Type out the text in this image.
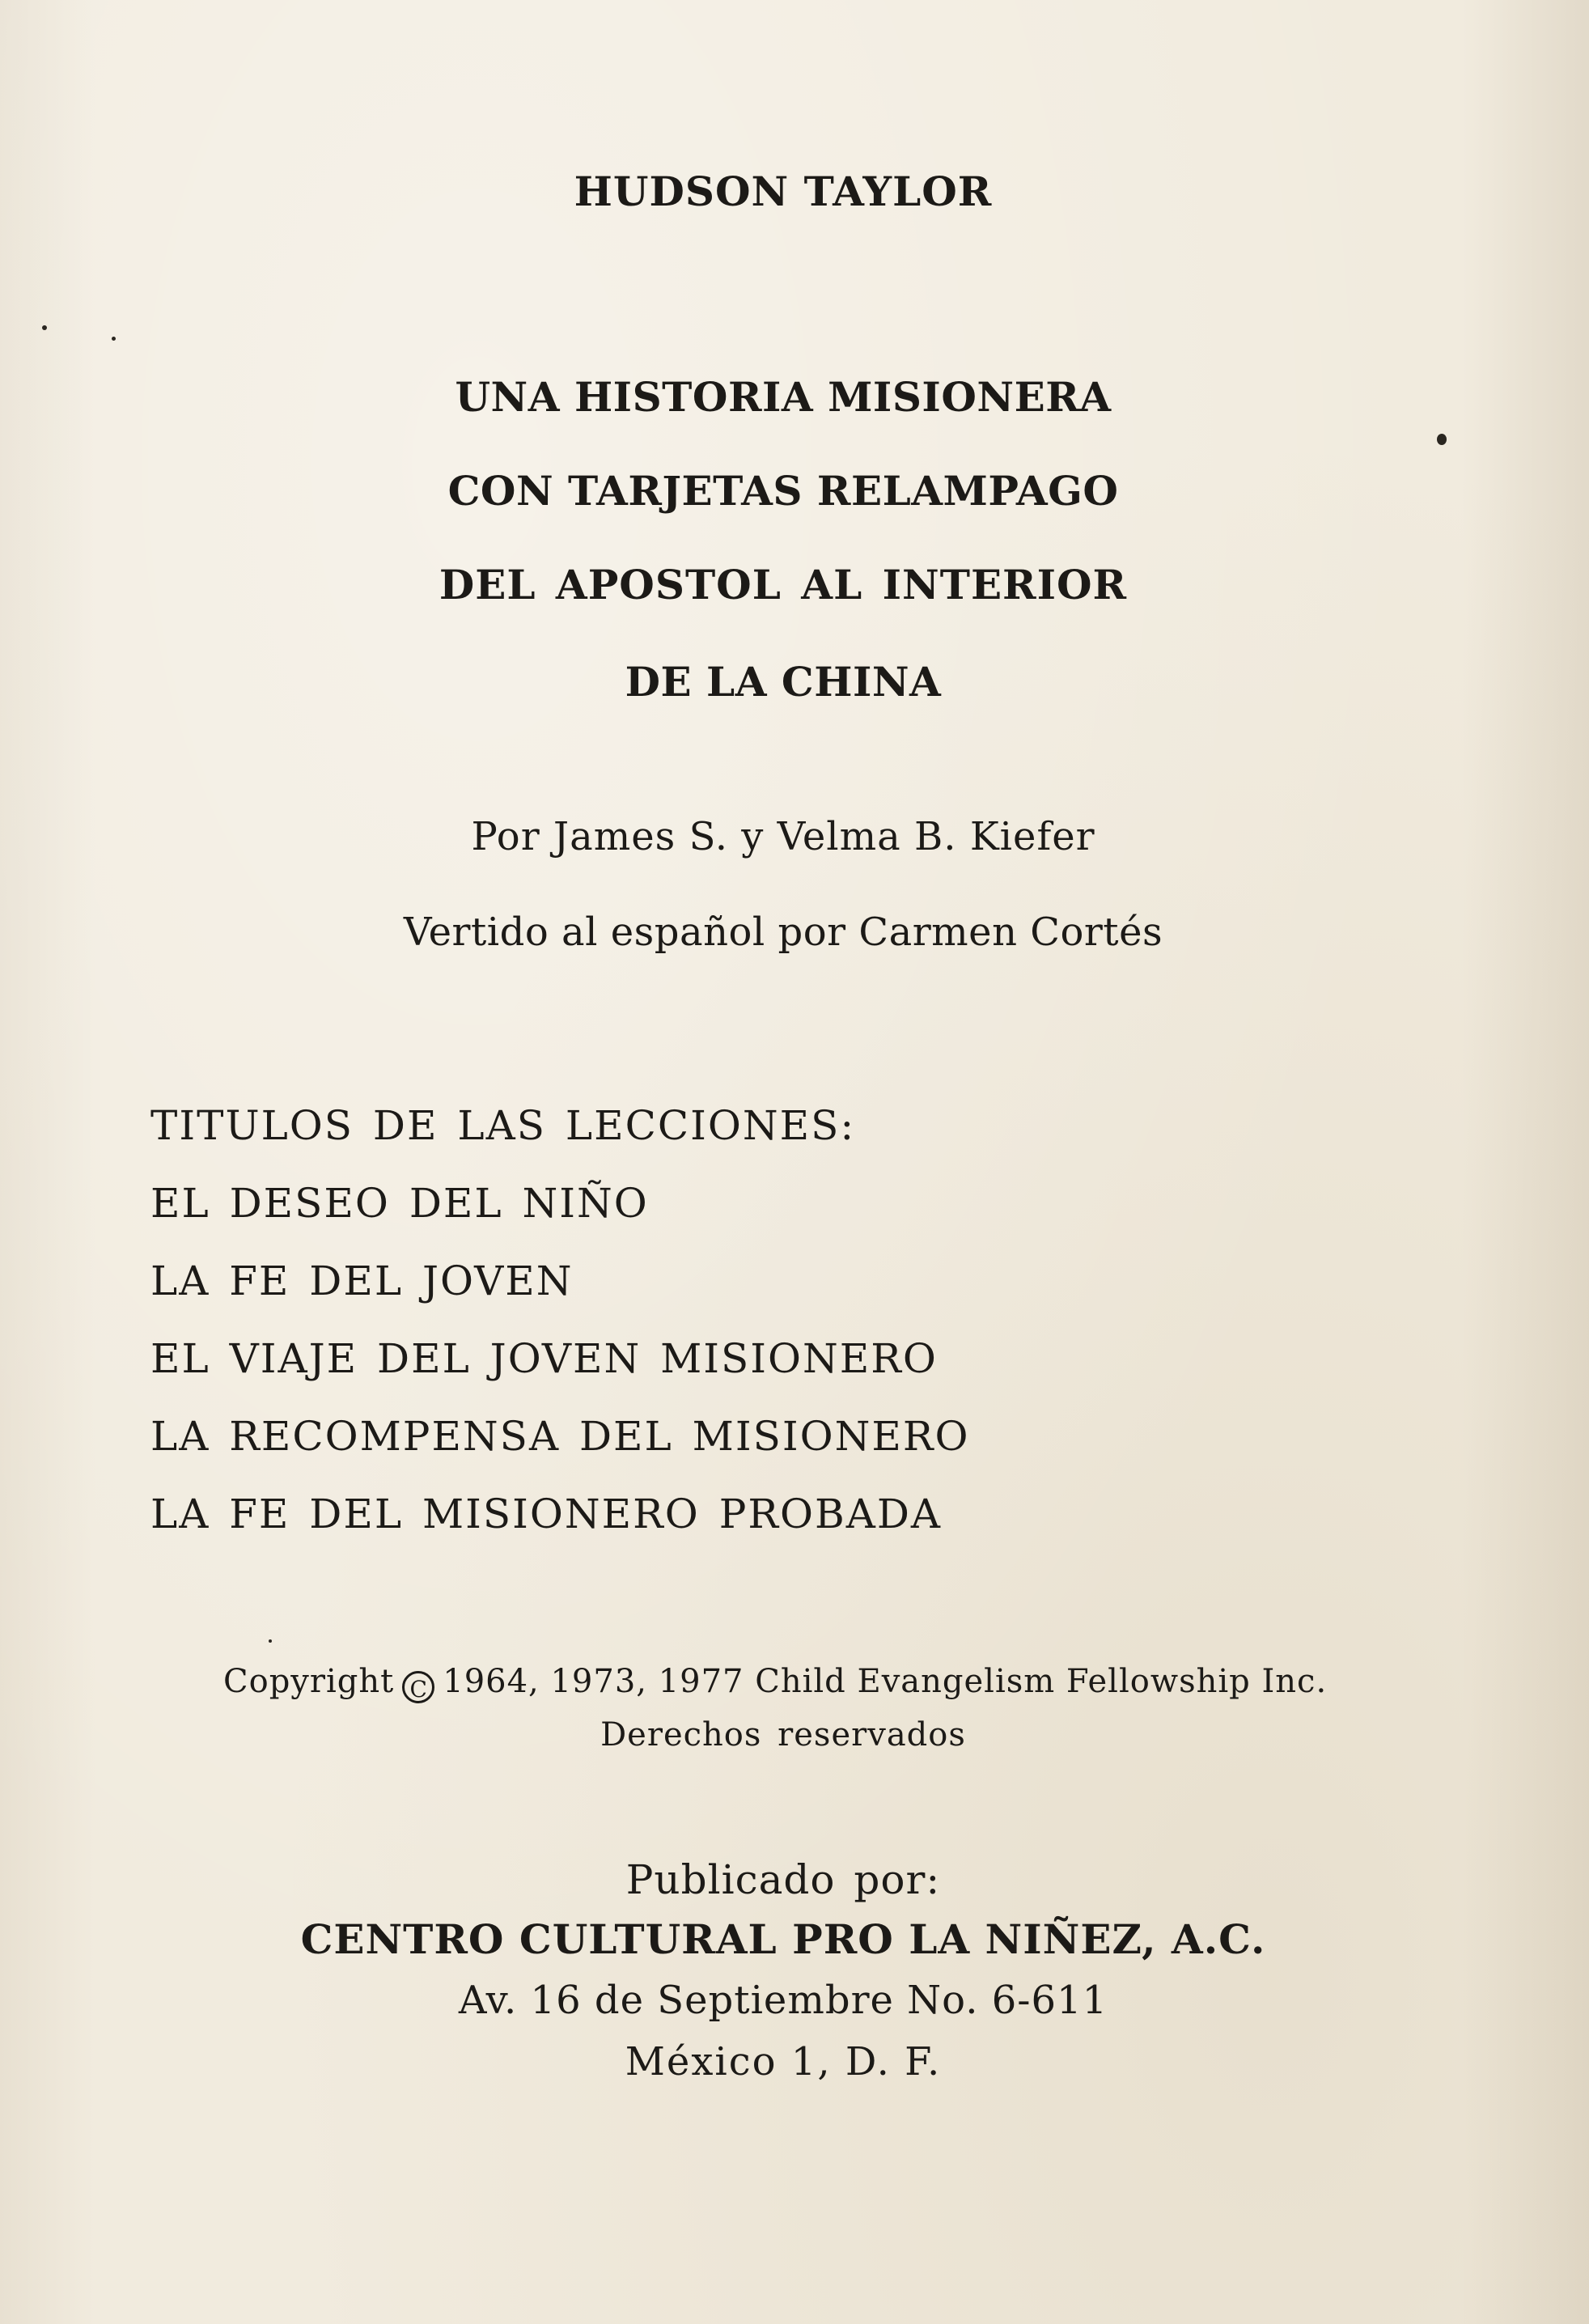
HUDSON TAYLOR

UNA HISTORIA MISIONERA

CON TARJETAS RELAMPAGO

DEL APOSTOL AL INTERIOR

DE LA CHINA

Por James S. y Velma B. Kiefer

Vertido al español por Carmen Cortés

TITULOS DE LAS LECCIONES:

EL DESEO DEL NIÑO

LA FE DEL JOVEN

EL VIAJE DEL JOVEN MISIONERO

LA RECOMPENSA DEL MISIONERO

LA FE DEL MISIONERO PROBADA

Copyright C 1964, 1973, 1977 Child Evangelism Fellowship Inc.

Derechos reservados

Publicado por:

CENTRO CULTURAL PRO LA NIÑEZ, A.C.

Av. 16 de Septiembre No. 6-611

México 1, D. F.
